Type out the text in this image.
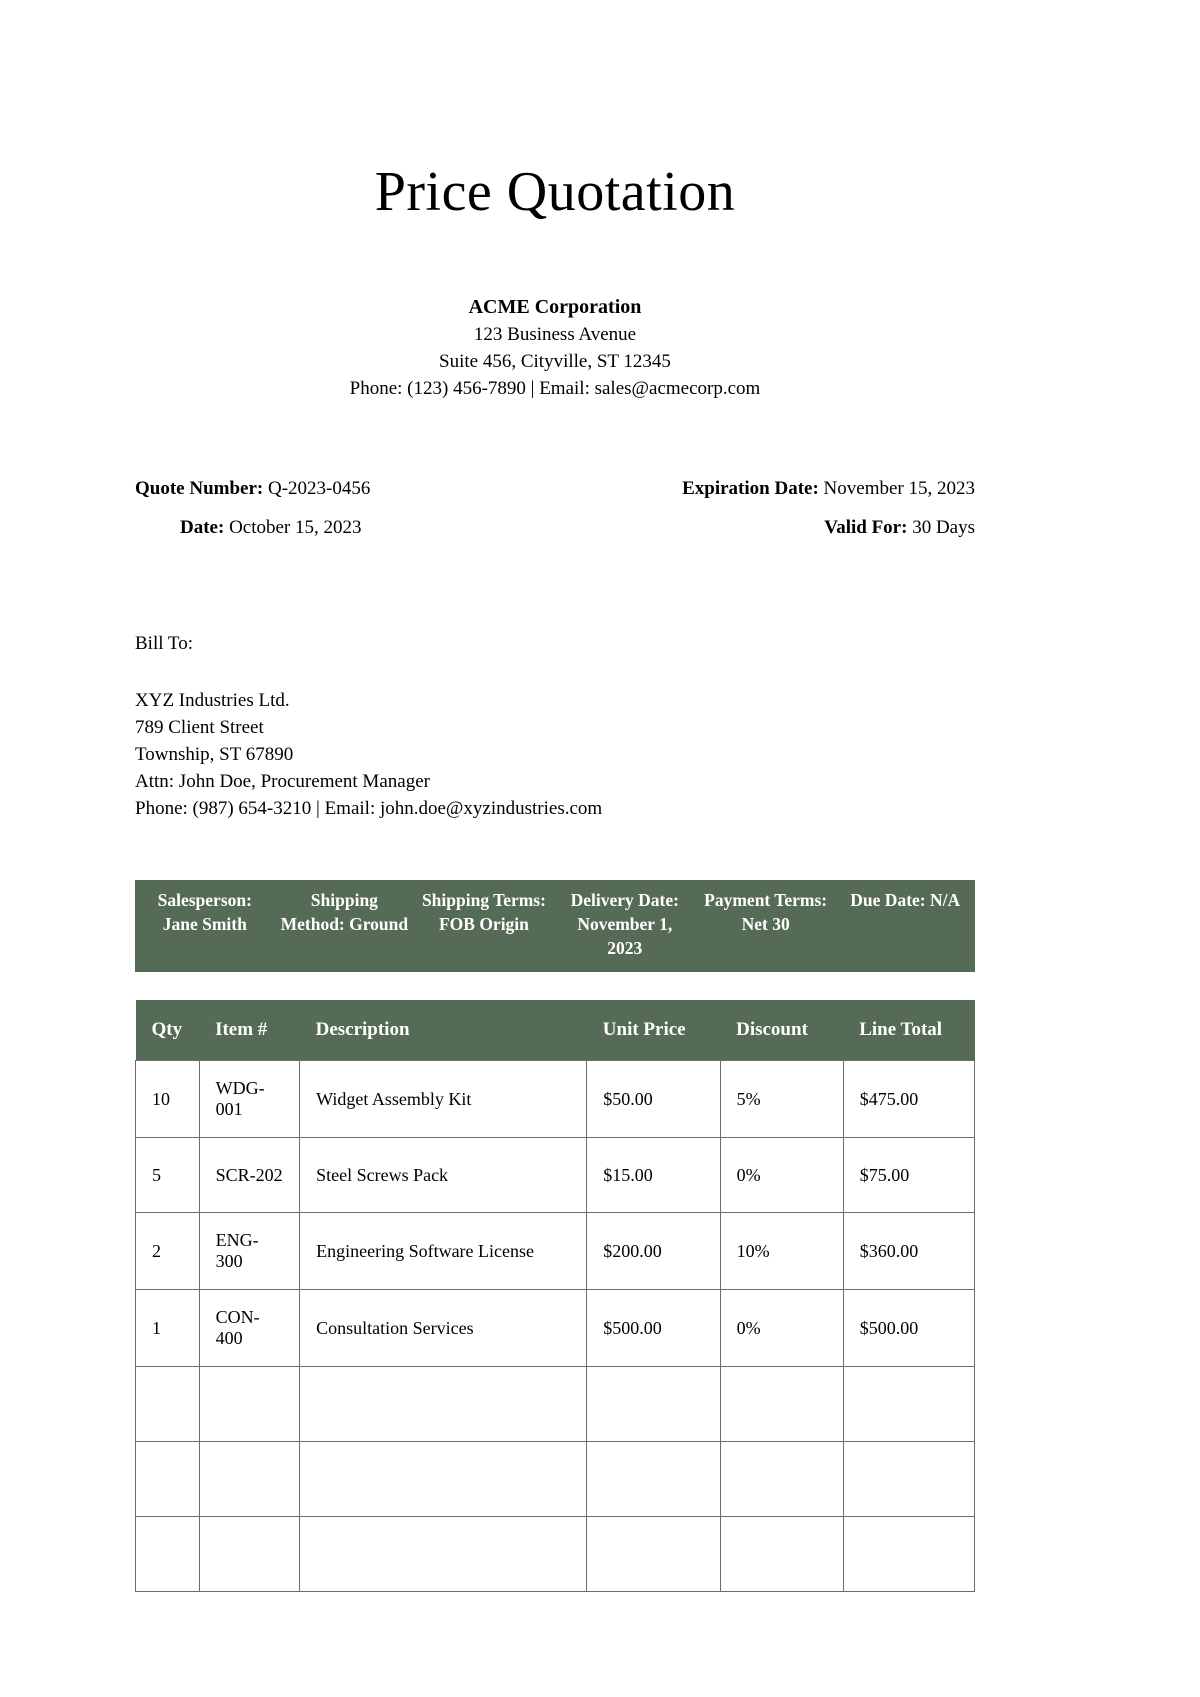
Price Quotation
ACME Corporation
123 Business Avenue
Suite 456, Cityville, ST 12345
Phone: (123) 456-7890 | Email: sales@acmecorp.com
Quote Number: Q-2023-0456	Expiration Date: November 15, 2023
Date: October 15, 2023	Valid For: 30 Days
Bill To:
XYZ Industries Ltd.
789 Client Street
Township, ST 67890
Attn: John Doe, Procurement Manager
Phone: (987) 654-3210 | Email: john.doe@xyzindustries.com
Salesperson: Jane Smith
Shipping Method: Ground
Shipping Terms: FOB Origin
Delivery Date: November 1, 2023
Payment Terms: Net 30
Due Date: N/A
Qty	Item #	Description	Unit Price	Discount	Line Total
10	WDG-001	Widget Assembly Kit	$50.00	5%	$475.00
5	SCR-202	Steel Screws Pack	$15.00	0%	$75.00
2	ENG-300	Engineering Software License	$200.00	10%	$360.00
1	CON-400	Consultation Services	$500.00	0%	$500.00
